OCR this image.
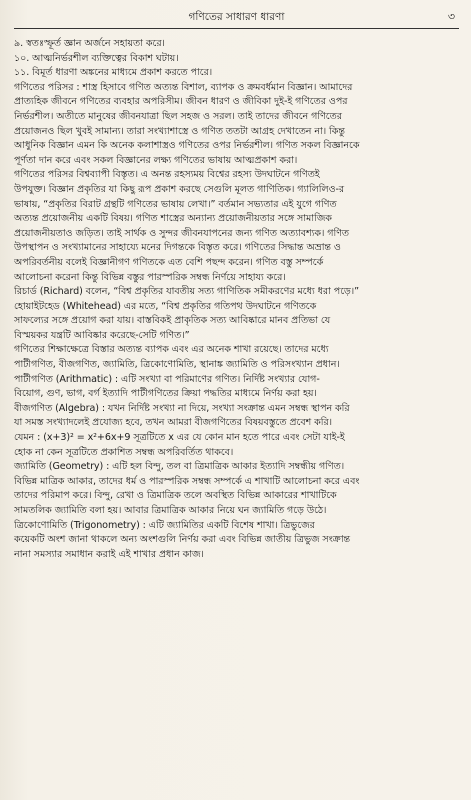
গণিতের সাধারণ ধারণা	৩
৯. স্বতঃস্ফূর্ত জ্ঞান অর্জনে সহায়তা করে।
১০. আত্মনির্ভরশীল ব্যক্তিত্বের বিকাশ ঘটায়।
১১. বিমূর্ত ধারণা অঙ্কনের মাধ্যমে প্রকাশ করতে পারে।
গণিতের পরিসর : শাস্ত্র হিসাবে গণিত অত্যন্ত বিশাল, ব্যাপক ও ক্রমবর্ধমান বিজ্ঞান। আমাদের
প্রাত্যহিক জীবনে গণিতের ব্যবহার অপরিসীম। জীবন ধারণ ও জীবিকা দুই-ই গণিতের ওপর
নির্ভরশীল। অতীতে মানুষের জীবনযাত্রা ছিল সহজ ও সরল। তাই তাদের জীবনে গণিতের
প্রয়োজনও ছিল খুবই সামান্য। তারা সংখ্যাশাস্ত্রে ও গণিত ততটা আগ্রহ দেখাতেন না। কিন্তু
আধুনিক বিজ্ঞান এমন কি অনেক কলাশাস্ত্রও গণিতের ওপর নির্ভরশীল। গণিত সকল বিজ্ঞানকে
পূর্ণতা দান করে এবং সকল বিজ্ঞানের লক্ষ্য গণিতের ভাষায় আত্মপ্রকাশ করা।
গণিতের পরিসর বিশ্বব্যাপী বিস্তৃত। এ অনন্ত রহস্যময় বিশ্বের রহস্য উদঘাটনে গণিতই
উপযুক্ত। বিজ্ঞান প্রকৃতির যা কিছু রূপ প্রকাশ করছে সেগুলি মূলত গাণিতিক। গ্যালিলিও-র
ভাষায়, “প্রকৃতির বিরাট গ্রন্থটি গণিতের ভাষায় লেখা।” বর্তমান সভ্যতার এই যুগে গণিত
অত্যন্ত প্রয়োজনীয় একটি বিষয়। গণিত শাস্ত্রের অন্যান্য প্রয়োজনীয়তার সঙ্গে সামাজিক
প্রয়োজনীয়তাও জড়িত। তাই সার্থক ও সুন্দর জীবনযাপনের জন্য গণিত অত্যাবশ্যক। গণিত
উপস্থাপন ও সংখ্যামানের সাহায্যে মনের দিগন্তকে বিস্তৃত করে। গণিতের সিদ্ধান্ত অভ্রান্ত ও
অপরিবর্তনীয় বলেই বিজ্ঞানীগণ গণিতকে এত বেশি পছন্দ করেন। গণিত বস্তু সম্পর্কে
আলোচনা করেনা কিন্তু বিভিন্ন বস্তুর পারস্পরিক সম্বন্ধ নির্ণয়ে সাহায্য করে।
রিচার্ড (Richard) বলেন, “বিশ্ব প্রকৃতির যাবতীয় সত্য গাণিতিক সমীকরণের মধ্যে ধরা পড়ে।”
হোয়াইটহেড (Whitehead) এর মতে, “বিশ্ব প্রকৃতির গতিপথ উদঘাটনে গণিতকে
সাফল্যের সঙ্গে প্রয়োগ করা যায়। বাস্তবিকই প্রাকৃতিক সত্য আবিষ্কারে মানব প্রতিভা যে
বিস্ময়কর যন্ত্রটি আবিষ্কার করেছে-সেটি গণিত।”
গণিতের শিক্ষাক্ষেত্রে বিস্তার অত্যন্ত ব্যাপক এবং এর অনেক শাখা রয়েছে। তাদের মধ্যে
পাটীগণিত, বীজগণিত, জ্যামিতি, ত্রিকোণোমিতি, স্থানাঙ্ক জ্যামিতি ও পরিসংখ্যান প্রধান।
পাটীগণিত (Arithmatic) : এটি সংখ্যা বা পরিমাণের গণিত। নির্দিষ্ট সংখ্যার যোগ-
বিয়োগ, গুণ, ভাগ, বর্গ ইত্যাদি পাটীগণিতের ক্রিয়া পদ্ধতির মাধ্যমে নির্ণয় করা হয়।
বীজগণিত (Algebra) : যখন নির্দিষ্ট সংখ্যা না দিয়ে, সংখ্যা সংক্রান্ত এমন সম্বন্ধ স্থাপন করি
যা সমস্ত সংখ্যাদলেই প্রযোজ্য হবে, তখন আমরা বীজগণিতের বিষয়বস্তুতে প্রবেশ করি।
যেমন : (x+3)² = x²+6x+9 সূত্রটিতে x এর যে কোন মান হতে পারে এবং সেটা যাই-ই
হোক না কেন সূত্রটিতে প্রকাশিত সম্বন্ধ অপরিবর্তিত থাকবে।
জ্যামিতি (Geometry) : এটি হল বিন্দু, তল বা ত্রিমাত্রিক আকার ইত্যাদি সম্বন্ধীয় গণিত।
বিভিন্ন মাত্রিক আকার, তাদের ধর্ম ও পারস্পরিক সম্বন্ধ সম্পর্কে এ শাখাটি আলোচনা করে এবং
তাদের পরিমাপ করে। বিন্দু, রেখা ও ত্রিমাত্রিক তলে অবস্থিত বিভিন্ন আকারের শাখাটিকে
সামতলিক জ্যামিতি বলা হয়। আবার ত্রিমাত্রিক আকার নিয়ে ঘন জ্যামিতি গড়ে উঠে।
ত্রিকোণোমিতি (Trigonometry) : এটি জ্যামিতির একটি বিশেষ শাখা। ত্রিভুজের
কয়েকটি অংশ জানা থাকলে অন্য অংশগুলি নির্ণয় করা এবং বিভিন্ন জাতীয় ত্রিভুজ সংক্রান্ত
নানা সমস্যার সমাধান করাই এই শাখার প্রধান কাজ।
